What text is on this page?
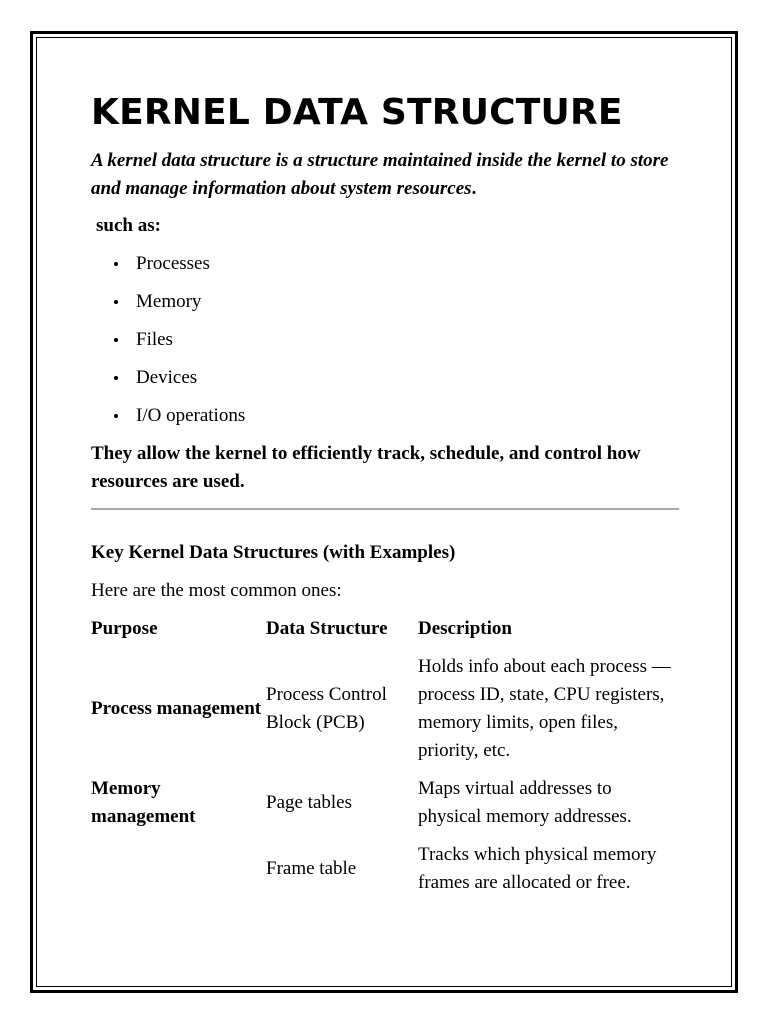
KERNEL DATA STRUCTURE

A kernel data structure is a structure maintained inside the kernel to store and manage information about system resources.

such as:

Processes
Memory
Files
Devices
I/O operations

They allow the kernel to efficiently track, schedule, and control how resources are used.

Key Kernel Data Structures (with Examples)

Here are the most common ones:

Purpose	Data Structure	Description
Process management
Process Control Block (PCB)
Holds info about each process — process ID, state, CPU registers, memory limits, open files, priority, etc.
Memory management
Page tables
Maps virtual addresses to physical memory addresses.
Frame table
Tracks which physical memory frames are allocated or free.
